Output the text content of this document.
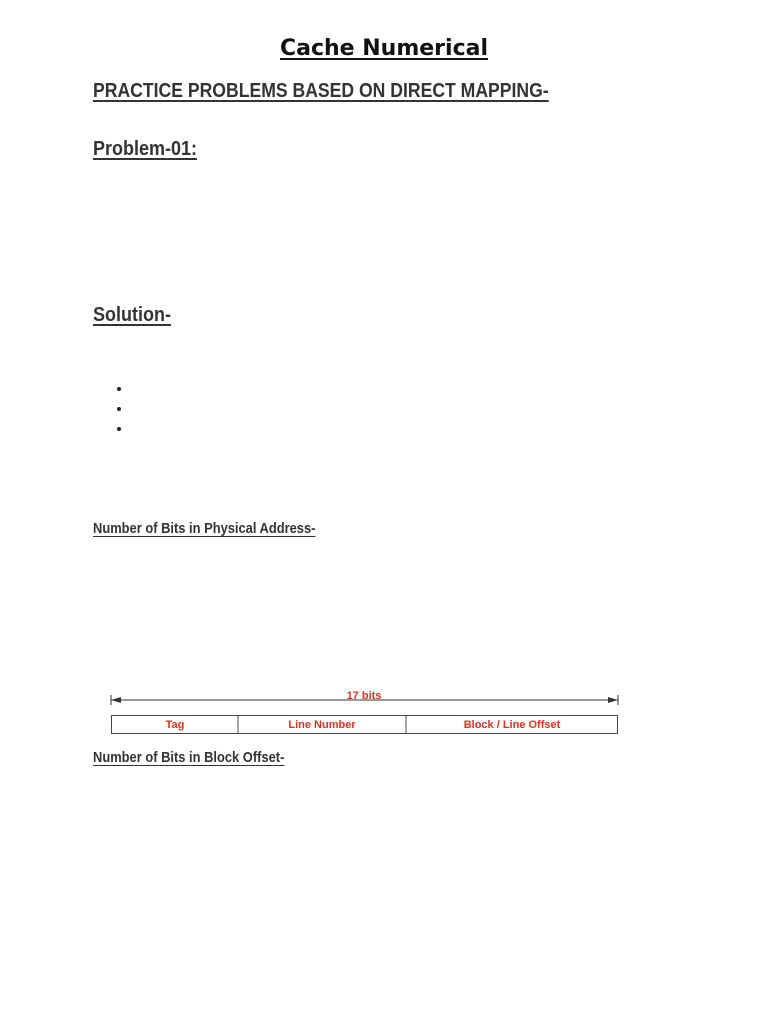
Cache Numerical
PRACTICE PROBLEMS BASED ON DIRECT MAPPING-
Problem-01:
Solution-
Number of Bits in Physical Address-
17 bits
Tag	Line Number	Block / Line Offset
Number of Bits in Block Offset-
